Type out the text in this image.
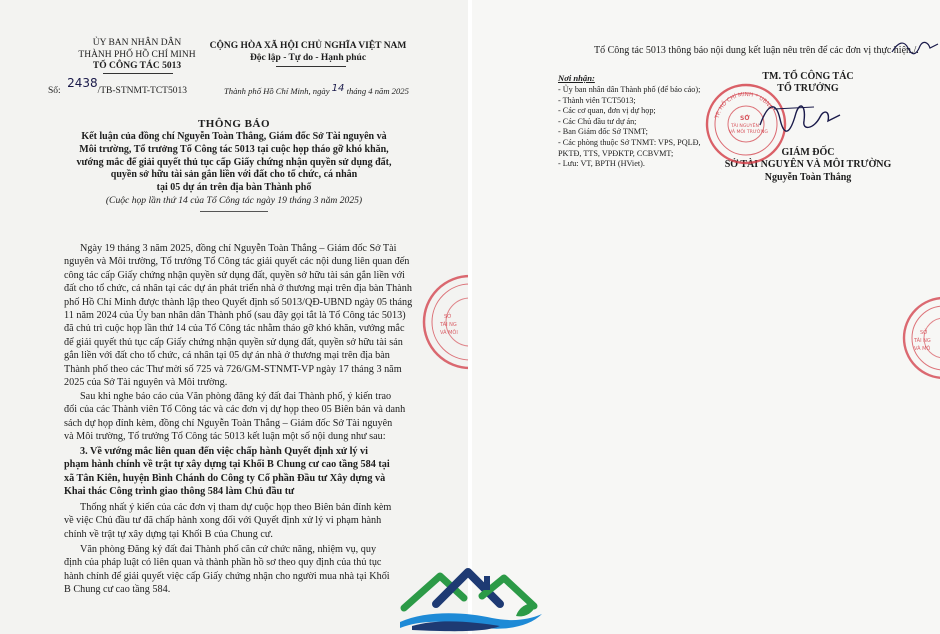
ỦY BAN NHÂN DÂN
THÀNH PHỐ HỒ CHÍ MINH
TỔ CÔNG TÁC 5013
Số: 2438/TB-STNMT-TCT5013
CỘNG HÒA XÃ HỘI CHỦ NGHĨA VIỆT NAM
Độc lập - Tự do - Hạnh phúc
Thành phố Hồ Chí Minh, ngày 14 tháng 4 năm 2025
THÔNG BÁO
Kết luận của đồng chí Nguyễn Toàn Thắng, Giám đốc Sở Tài nguyên và
Môi trường, Tổ trưởng Tổ Công tác 5013 tại cuộc họp tháo gỡ khó khăn,
vướng mắc để giải quyết thủ tục cấp Giấy chứng nhận quyền sử dụng đất,
quyền sở hữu tài sản gắn liền với đất cho tổ chức, cá nhân
tại 05 dự án trên địa bàn Thành phố
(Cuộc họp lần thứ 14 của Tổ Công tác ngày 19 tháng 3 năm 2025)

Ngày 19 tháng 3 năm 2025, đồng chí Nguyễn Toàn Thắng – Giám đốc Sở Tài

nguyên và Môi trường, Tổ trưởng Tổ Công tác giải quyết các nội dung liên quan đến

công tác cấp Giấy chứng nhận quyền sử dụng đất, quyền sở hữu tài sản gắn liền với

đất cho tổ chức, cá nhân tại các dự án phát triển nhà ở thương mại trên địa bàn Thành

phố Hồ Chí Minh được thành lập theo Quyết định số 5013/QĐ-UBND ngày 05 tháng

11 năm 2024 của Ủy ban nhân dân Thành phố (sau đây gọi tắt là Tổ Công tác 5013)

đã chủ trì cuộc họp lần thứ 14 của Tổ Công tác nhằm tháo gỡ khó khăn, vướng mắc

để giải quyết thủ tục cấp Giấy chứng nhận quyền sử dụng đất, quyền sở hữu tài sản

gắn liền với đất cho tổ chức, cá nhân tại 05 dự án nhà ở thương mại trên địa bàn

Thành phố theo các Thư mời số 725 và 726/GM-STNMT-VP ngày 17 tháng 3 năm

2025 của Sở Tài nguyên và Môi trường.

Sau khi nghe báo cáo của Văn phòng đăng ký đất đai Thành phố, ý kiến trao

đổi của các Thành viên Tổ Công tác và các đơn vị dự họp theo 05 Biên bản và danh

sách dự họp đính kèm, đồng chí Nguyễn Toàn Thắng – Giám đốc Sở Tài nguyên

và Môi trường, Tổ trưởng Tổ Công tác 5013 kết luận một số nội dung như sau:

3. Về vướng mắc liên quan đến việc chấp hành Quyết định xử lý vi

phạm hành chính về trật tự xây dựng tại Khối B Chung cư cao tầng 584 tại

xã Tân Kiên, huyện Bình Chánh do Công ty Cổ phần Đầu tư Xây dựng và

Khai thác Công trình giao thông 584 làm Chủ đầu tư

Thống nhất ý kiến của các đơn vị tham dự cuộc họp theo Biên bản đính kèm

về việc Chủ đầu tư đã chấp hành xong đối với Quyết định xử lý vi phạm hành

chính về trật tự xây dựng tại Khối B của Chung cư.

Văn phòng Đăng ký đất đai Thành phố căn cứ chức năng, nhiệm vụ, quy

định của pháp luật có liên quan và thành phần hồ sơ theo quy định của thủ tục

hành chính để giải quyết việc cấp Giấy chứng nhận cho người mua nhà tại Khối

B Chung cư cao tầng 584.

SỞ
TÀI NG
VÀ MÔI
Tổ Công tác 5013 thông báo nội dung kết luận nêu trên để các đơn vị thực hiện./.
Nơi nhận:
- Ủy ban nhân dân Thành phố (để báo cáo);
- Thành viên TCT5013;
- Các cơ quan, đơn vị dự họp;
- Các Chủ đầu tư dự án;
- Ban Giám đốc Sở TNMT;
- Các phòng thuộc Sở TNMT: VPS, PQLĐ,
PKTĐ, TTS, VPĐKTP, CCBVMT;
- Lưu: VT, BPTH (HViet).
TM. TỔ CÔNG TÁC
TỔ TRƯỞNG
GIÁM ĐỐC
SỞ TÀI NGUYÊN VÀ MÔI TRƯỜNG
Nguyễn Toàn Thắng
TP. HỒ CHÍ MINH * UBND
SỞ
TÀI NGUYÊN
VÀ MÔI TRƯỜNG
SỞ
TÀI NG
VÀ MÔ
